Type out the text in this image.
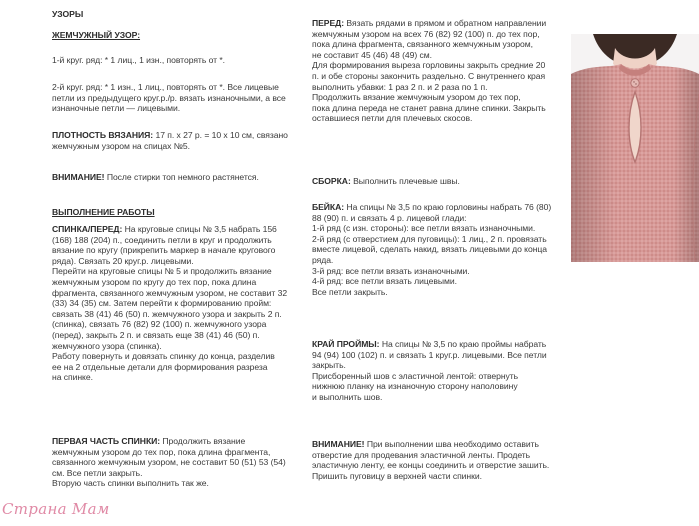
УЗОРЫ
ЖЕМЧУЖНЫЙ УЗОР:
1-й круг. ряд: * 1 лиц., 1 изн., повторять от *.
2-й круг. ряд: * 1 изн., 1 лиц., повторять от *. Все лицевые
петли из предыдущего круг.р./р. вязать изнаночными, а все
изнаночные петли — лицевыми.
ПЛОТНОСТЬ ВЯЗАНИЯ: 17 п. х 27 р. = 10 х 10 см, связано
жемчужным узором на спицах №5.
ВНИМАНИЕ! После стирки топ немного растянется.
ВЫПОЛНЕНИЕ РАБОТЫ
СПИНКА/ПЕРЕД: На круговые спицы № 3,5 набрать 156
(168) 188 (204) п., соединить петли в круг и продолжить
вязание по кругу (прикрепить маркер в начале кругового
ряда). Связать 20 круг.р. лицевыми.
Перейти на круговые спицы № 5 и продолжить вязание
жемчужным узором по кругу до тех пор, пока длина
фрагмента, связанного жемчужным узором, не составит 32
(33) 34 (35) см. Затем перейти к формированию пройм:
связать 38 (41) 46 (50) п. жемчужного узора и закрыть 2 п.
(спинка), связать 76 (82) 92 (100) п. жемчужного узора
(перед), закрыть 2 п. и связать еще 38 (41) 46 (50) п.
жемчужного узора (спинка).
Работу повернуть и довязать спинку до конца, разделив
ее на 2 отдельные детали для формирования разреза
на спинке.
ПЕРВАЯ ЧАСТЬ СПИНКИ: Продолжить вязание
жемчужным узором до тех пор, пока длина фрагмента,
связанного жемчужным узором, не составит 50 (51) 53 (54)
см. Все петли закрыть.
Вторую часть спинки выполнить так же.
ПЕРЕД: Вязать рядами в прямом и обратном направлении
жемчужным узором на всех 76 (82) 92 (100) п. до тех пор,
пока длина фрагмента, связанного жемчужным узором,
не составит 45 (46) 48 (49) см.
Для формирования выреза горловины закрыть средние 20
п. и обе стороны закончить раздельно. С внутреннего края
выполнить убавки: 1 раз 2 п. и 2 раза по 1 п.
Продолжить вязание жемчужным узором до тех пор,
пока длина переда не станет равна длине спинки. Закрыть
оставшиеся петли для плечевых скосов.
СБОРКА: Выполнить плечевые швы.
БЕЙКА: На спицы № 3,5 по краю горловины набрать 76 (80)
88 (90) п. и связать 4 р. лицевой глади:
1-й ряд (с изн. стороны): все петли вязать изнаночными.
2-й ряд (с отверстием для пуговицы): 1 лиц., 2 п. провязать
вместе лицевой, сделать накид, вязать лицевыми до конца
ряда.
3-й ряд: все петли вязать изнаночными.
4-й ряд: все петли вязать лицевыми.
Все петли закрыть.
КРАЙ ПРОЙМЫ: На спицы № 3,5 по краю проймы набрать
94 (94) 100 (102) п. и связать 1 круг.р. лицевыми. Все петли
закрыть.
Присборенный шов с эластичной лентой: отвернуть
нижнюю планку на изнаночную сторону наполовину
и выполнить шов.
ВНИМАНИЕ! При выполнении шва необходимо оставить
отверстие для продевания эластичной ленты. Продеть
эластичную ленту, ее концы соединить и отверстие зашить.
Пришить пуговицу в верхней части спинки.
Страна Мам
